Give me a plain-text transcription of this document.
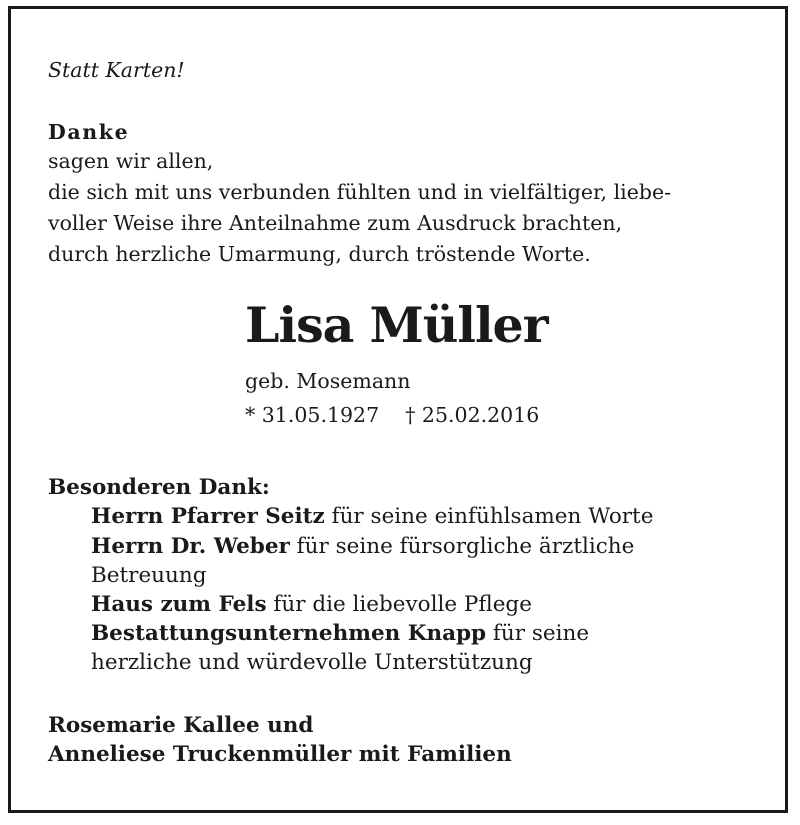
Statt Karten!
Danke
sagen wir allen,
die sich mit uns verbunden fühlten und in vielfältiger, liebe-
voller Weise ihre Anteilnahme zum Ausdruck brachten,
durch herzliche Umarmung, durch tröstende Worte.
Lisa Müller
geb. Mosemann
* 31.05.1927 † 25.02.2016
Besonderen Dank:
Herrn Pfarrer Seitz für seine einfühlsamen Worte
Herrn Dr. Weber für seine fürsorgliche ärztliche
Betreuung
Haus zum Fels für die liebevolle Pflege
Bestattungsunternehmen Knapp für seine
herzliche und würdevolle Unterstützung
Rosemarie Kallee und
Anneliese Truckenmüller mit Familien
